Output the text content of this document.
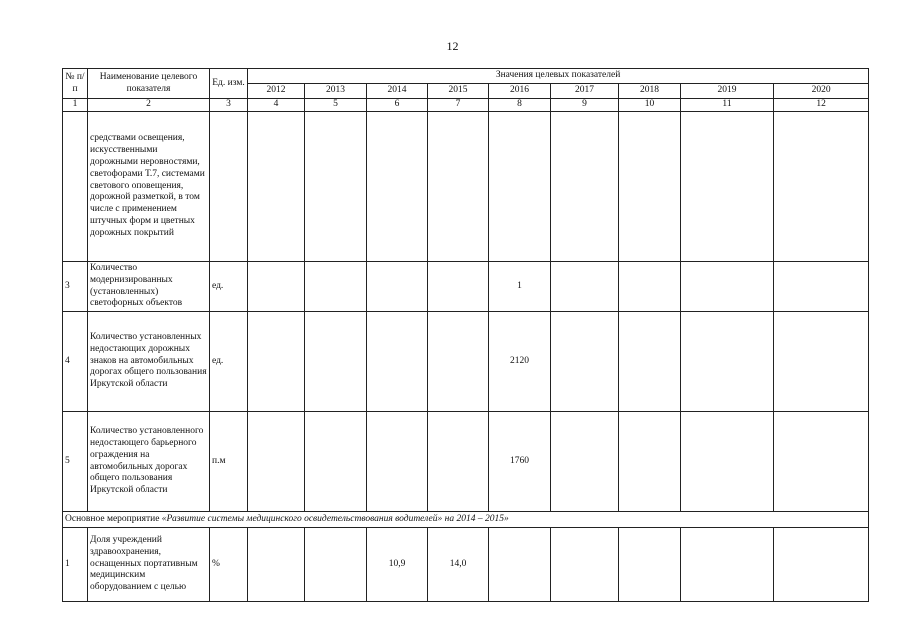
12
№ п/п	Наименование целевого показателя	Ед. изм.	Значения целевых показателей								
			2012	2013	2014	2015	2016	2017	2018	2019	2020
1	2	3	4	5	6	7	8	9	10	11	12
	средствами освещения, искусственными дорожными неровностями, светофорами Т.7, системами светового оповещения, дорожной разметкой, в том числе с применением штучных форм и цветных дорожных покрытий										
3	Количество модернизированных (установленных) светофорных объектов	ед.					1				
4	Количество установленных недостающих дорожных знаков на автомобильных дорогах общего пользования Иркутской области	ед.					2120				
5	Количество установленного недостающего барьерного ограждения на автомобильных дорогах общего пользования Иркутской области	п.м					1760				
Основное мероприятие «Развитие системы медицинского освидетельствования водителей» на 2014 – 2015»											
1	Доля учреждений здравоохранения, оснащенных портативным медицинским оборудованием с целью	%			10,9	14,0					
